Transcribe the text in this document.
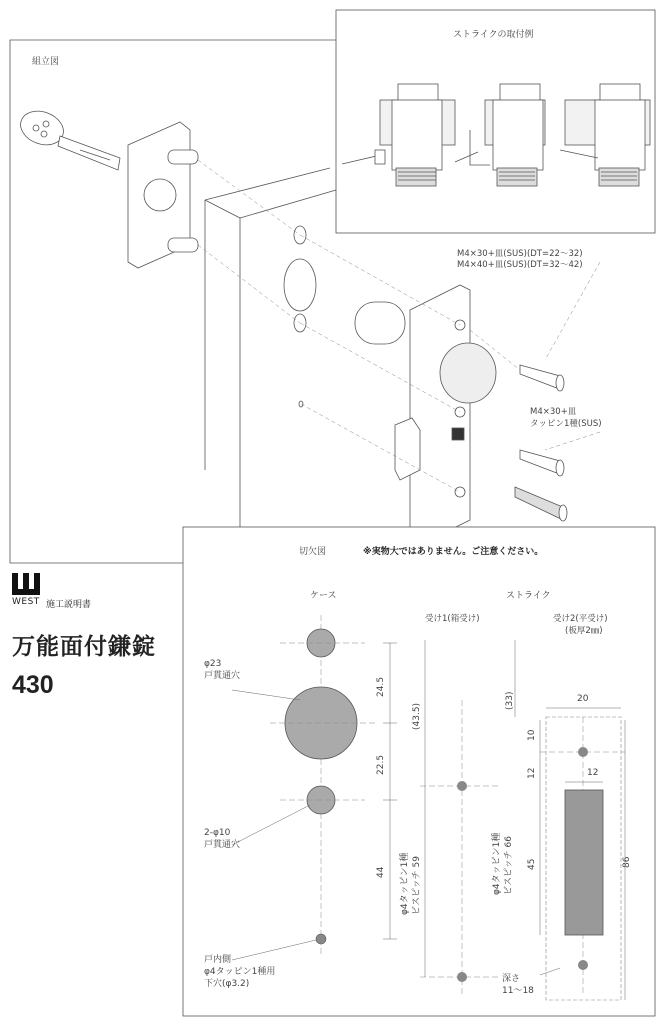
WEST 施工説明書
万能面付鎌錠
430
組立図
M4×30+皿(SUS)(DT=22〜32)
M4×40+皿(SUS)(DT=32〜42)
M4×30+皿
タッピン1種(SUS)
ストライクの取付例
切欠図	※実物大ではありません。ご注意ください。
ケース	ストライク
受け1(箱受け)	受け2(平受け)
(板厚2㎜)
φ23
戸貫通穴
2-φ10
戸貫通穴
戸内側
φ4タッピン1種用
下穴(φ3.2)	深さ
11〜18
24.5
22.5
44
(43.5)
(33)
10
12
45	86
20
12
φ4タッピン1種 ビスピッチ 59	φ4タッピン1種 ビスピッチ 66
